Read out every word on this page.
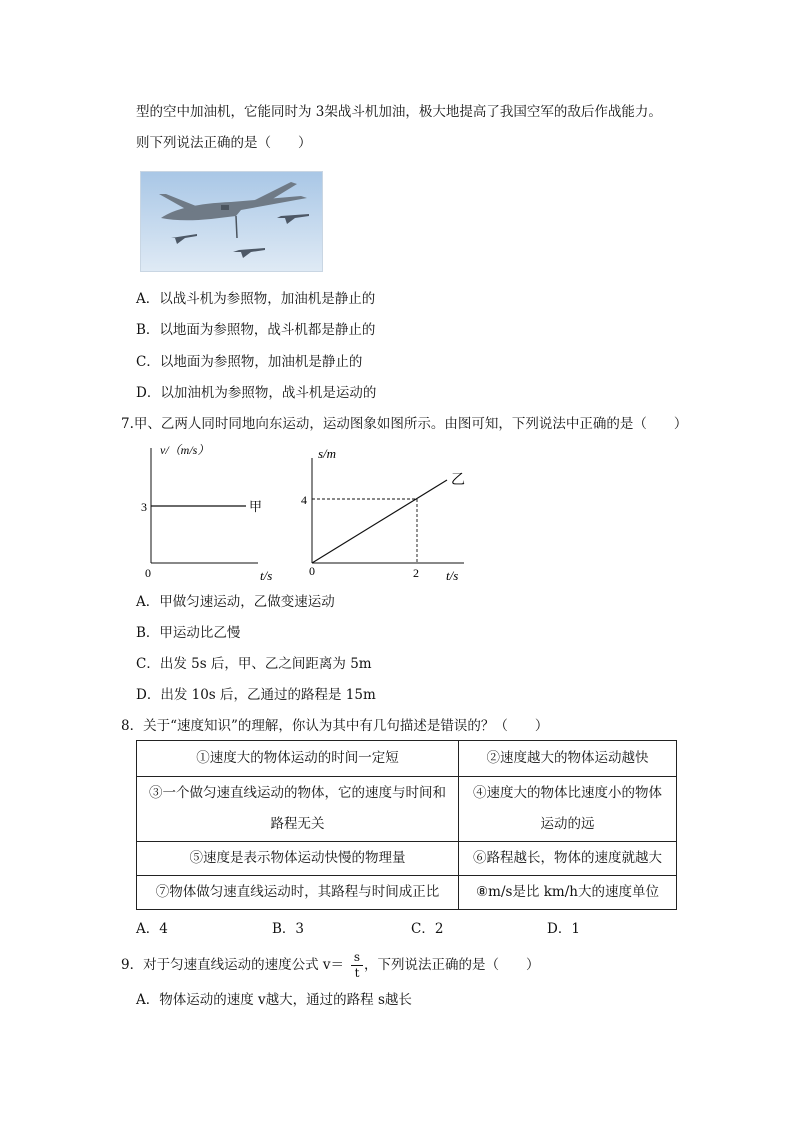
型的空中加油机，它能同时为 3架战斗机加油，极大地提高了我国空军的敌后作战能力。
则下列说法正确的是（　　）
A．以战斗机为参照物，加油机是静止的
B．以地面为参照物，战斗机都是静止的
C．以地面为参照物，加油机是静止的
D．以加油机为参照物，战斗机是运动的
7.甲、乙两人同时同地向东运动，运动图象如图所示。由图可知，下列说法中正确的是（　　）
v/（m/s）
3	甲
0	t/s
s/m
4
2
乙
0	t/s
A．甲做匀速运动，乙做变速运动
B．甲运动比乙慢
C．出发 5s 后，甲、乙之间距离为 5m
D．出发 10s 后，乙通过的路程是 15m
8．关于“速度知识”的理解，你认为其中有几句描述是错误的？（　　）
①速度大的物体运动的时间一定短	②速度越大的物体运动越快
③一个做匀速直线运动的物体，它的速度与时间和路程无关	④速度大的物体比速度小的物体运动的远
⑤速度是表示物体运动快慢的物理量	⑥路程越长，物体的速度就越大
⑦物体做匀速直线运动时，其路程与时间成正比	⑧m/s是比 km/h大的速度单位
A．4	B．3	C．2	D．1
9．对于匀速直线运动的速度公式 v＝ s
t ，下列说法正确的是（　　）
A．物体运动的速度 v越大，通过的路程 s越长
